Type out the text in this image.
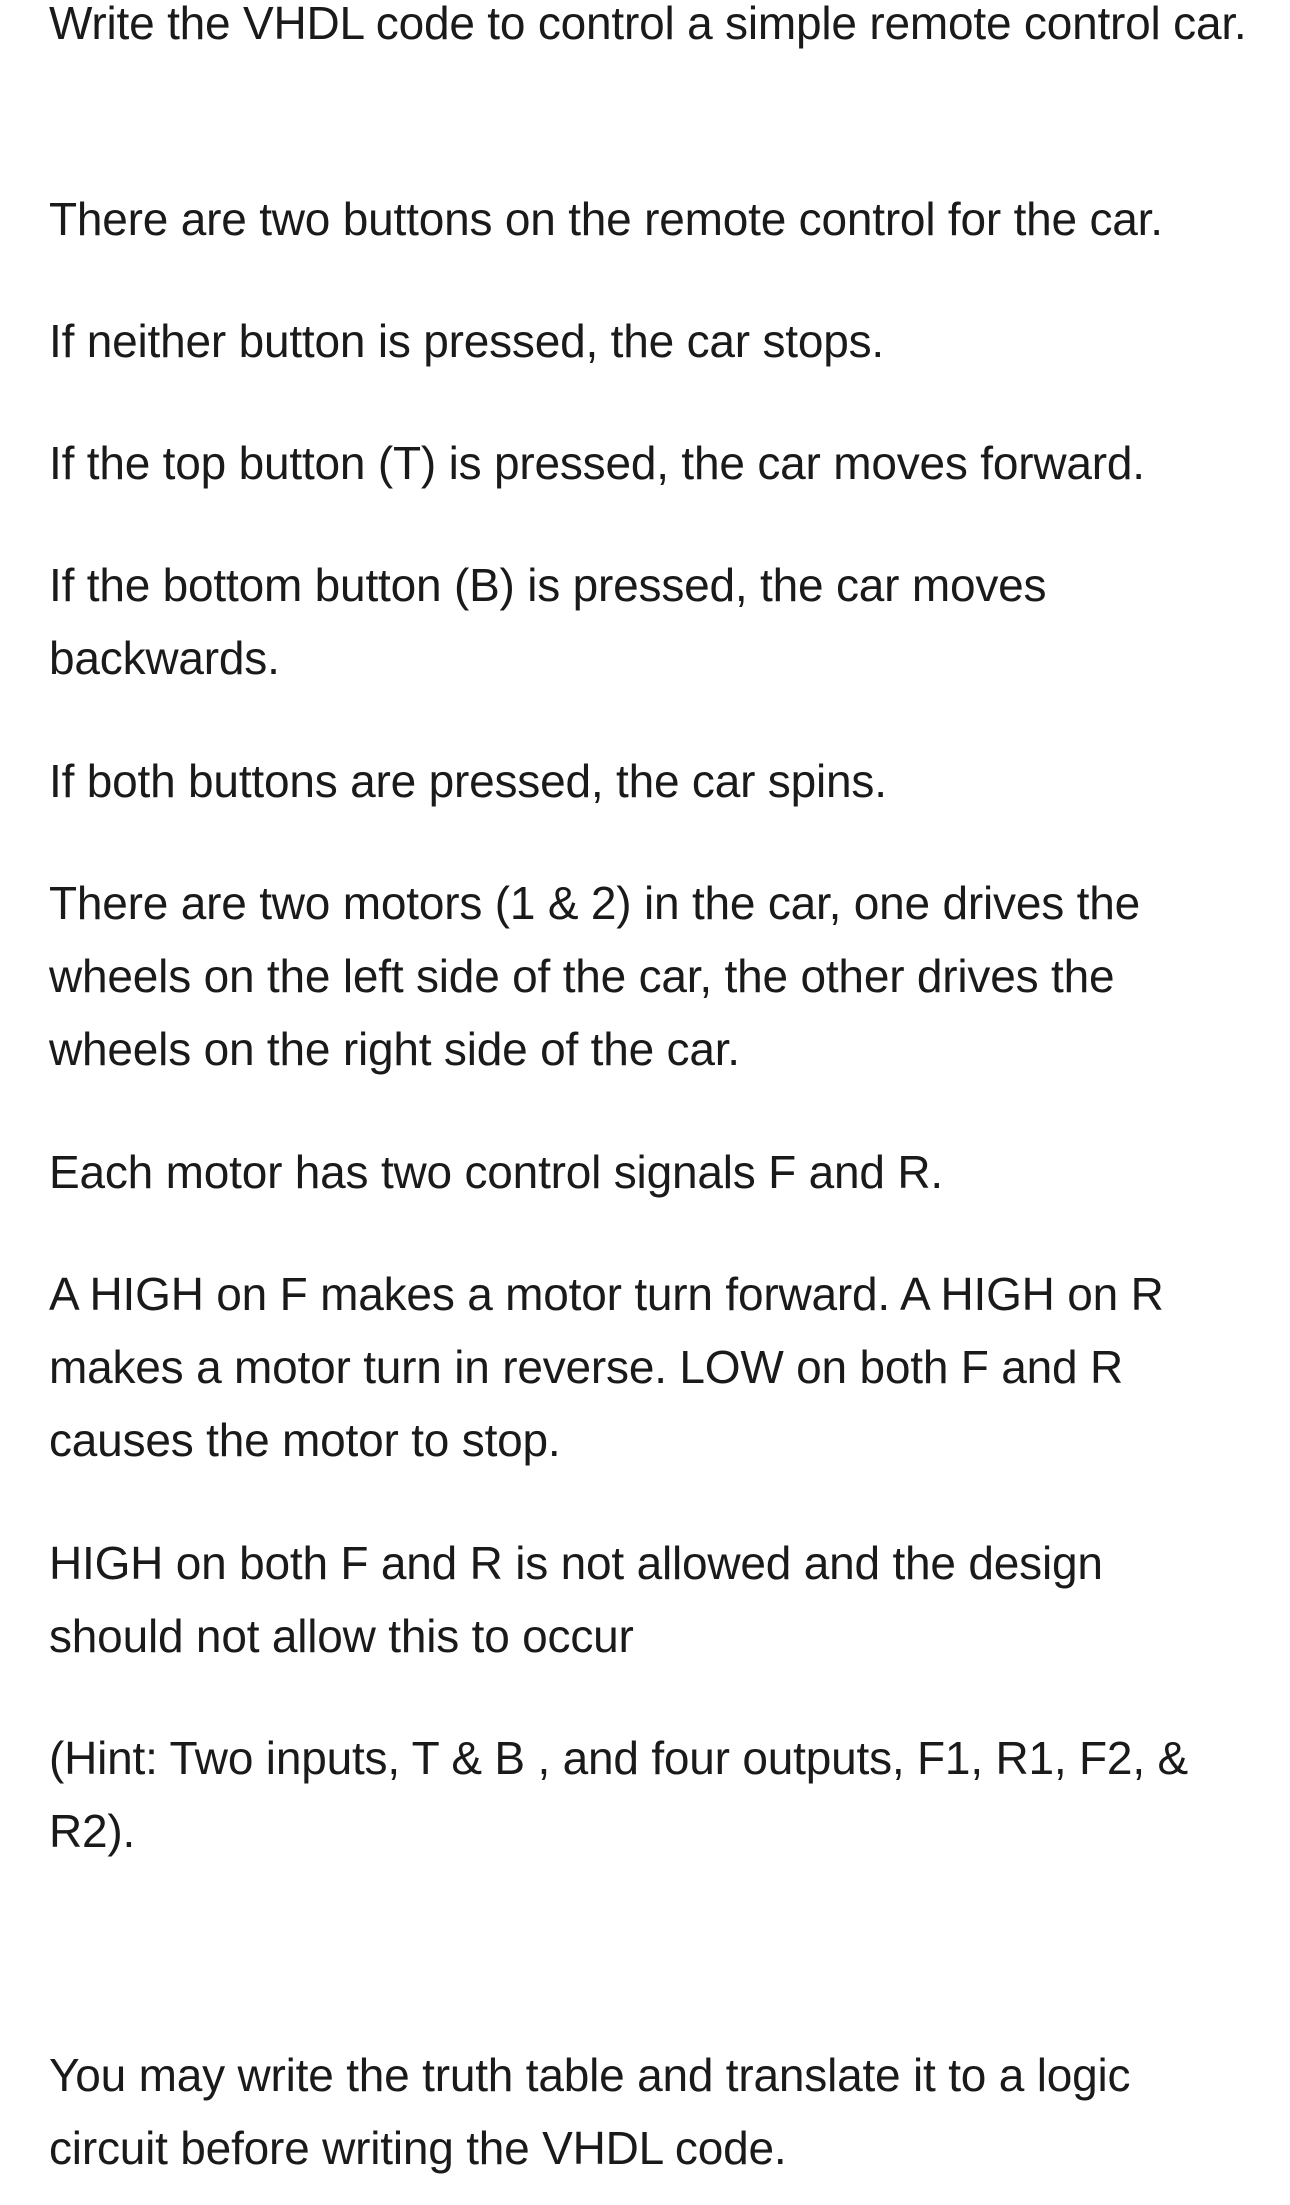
Write the VHDL code to control a simple remote control car.

There are two buttons on the remote control for the car.

If neither button is pressed, the car stops.

If the top button (T) is pressed, the car moves forward.

If the bottom button (B) is pressed, the car moves backwards.

If both buttons are pressed, the car spins.

There are two motors (1 & 2) in the car, one drives the wheels on the left side of the car, the other drives the wheels on the right side of the car.

Each motor has two control signals F and R.

A HIGH on F makes a motor turn forward. A HIGH on R makes a motor turn in reverse. LOW on both F and R causes the motor to stop.

HIGH on both F and R is not allowed and the design should not allow this to occur

(Hint: Two inputs, T & B , and four outputs, F1, R1, F2, & R2).

You may write the truth table and translate it to a logic circuit before writing the VHDL code.
